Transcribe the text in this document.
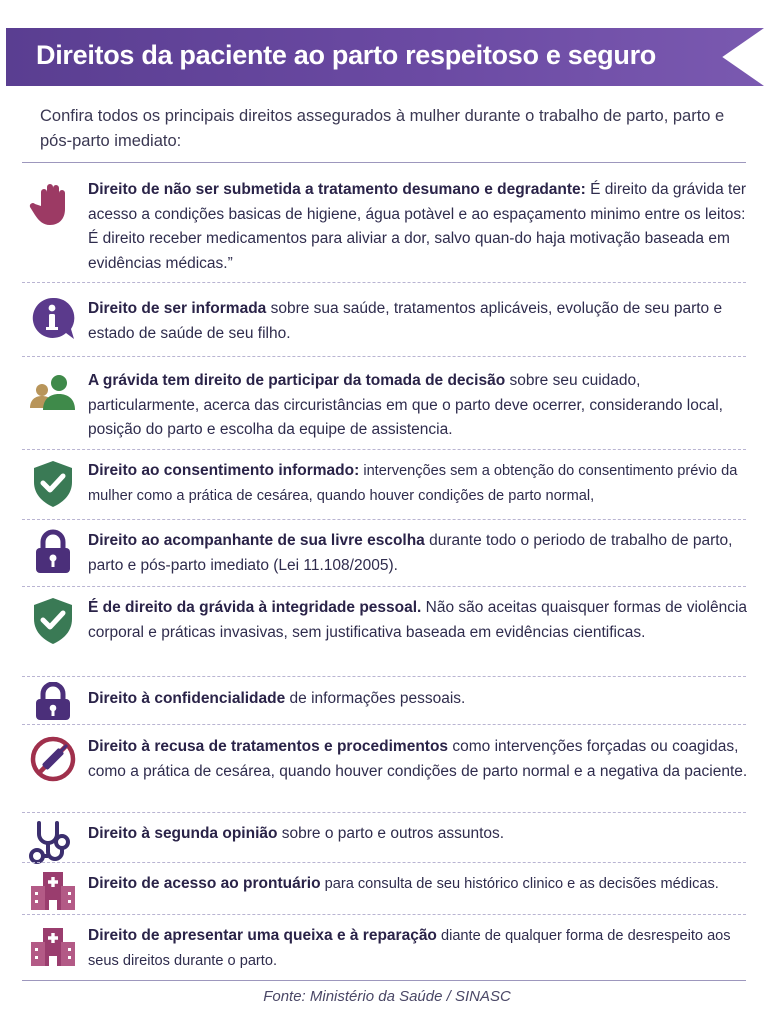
Direitos da paciente ao parto respeitoso e seguro
Confira todos os principais direitos assegurados à mulher durante o trabalho de parto, parto e pós-parto imediato:
Direito de não ser submetida a tratamento desumano e degradante: É direito da grávida ter acesso a condições basicas de higiene, água potàvel e ao espaçamento minimo entre os leitos: É direito receber medicamentos para aliviar a dor, salvo quan-do haja motivação baseada em evidências médicas.”
Direito de ser informada sobre sua saúde, tratamentos aplicáveis, evolução de seu parto e estado de saúde de seu filho.
A grávida tem direito de participar da tomada de decisão sobre seu cuidado, particularmente, acerca das circuristâncias em que o parto deve ocerrer, considerando local, posição do parto e escolha da equipe de assistencia.
Direito ao consentimento informado: intervenções sem a obtenção do consentimento prévio da mulher como a prática de cesárea, quando houver condições de parto normal,
Direito ao acompanhante de sua livre escolha durante todo o periodo de trabalho de parto, parto e pós-parto imediato (Lei 11.108/2005).
É de direito da grávida à integridade pessoal. Não são aceitas quaisquer formas de violência corporal e práticas invasivas, sem justificativa baseada em evidências cientificas.
Direito à confidencialidade de informações pessoais.
Direito à recusa de tratamentos e procedimentos como intervenções forçadas ou coagidas, como a prática de cesárea, quando houver condições de parto normal e a negativa da paciente.
Direito à segunda opinião sobre o parto e outros assuntos.
Direito de acesso ao prontuário para consulta de seu histórico clinico e as decisões médicas.
Direito de apresentar uma queixa e à reparação diante de qualquer forma de desrespeito aos seus direitos durante o parto.
Fonte: Ministério da Saúde / SINASC
